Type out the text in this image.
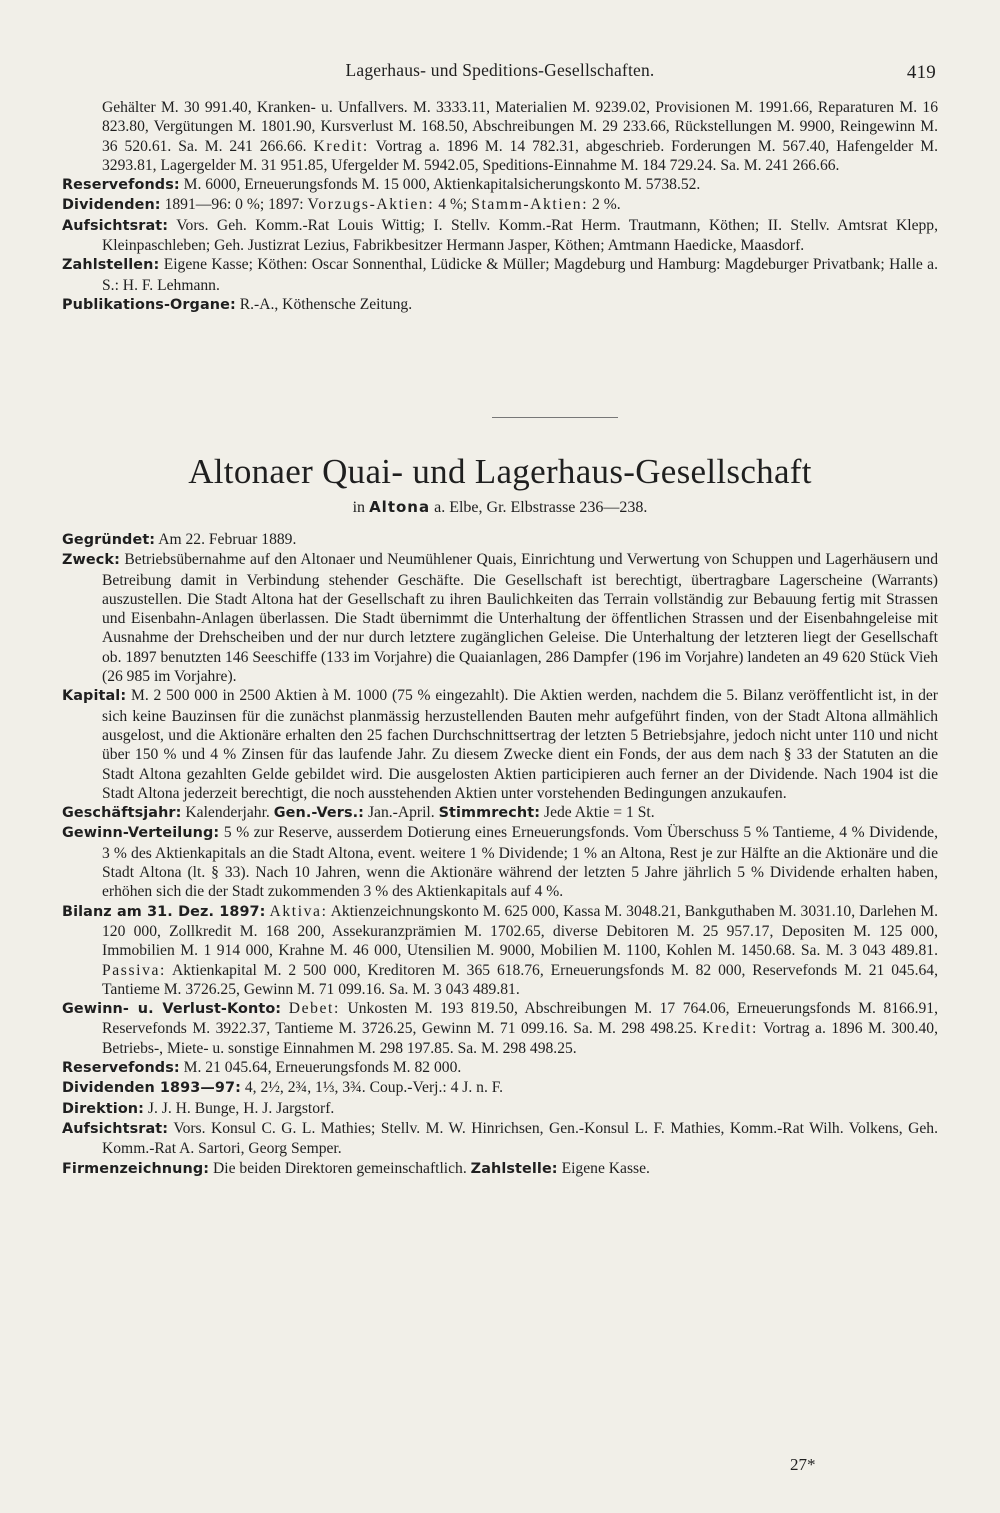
Lagerhaus- und Speditions-Gesellschaften.	419
Gehälter M. 30 991.40, Kranken- u. Unfallvers. M. 3333.11, Materialien M. 9239.02, Provisionen M. 1991.66, Reparaturen M. 16 823.80, Vergütungen M. 1801.90, Kursverlust M. 168.50, Abschreibungen M. 29 233.66, Rückstellungen M. 9900, Reingewinn M. 36 520.61. Sa. M. 241 266.66. Kredit: Vortrag a. 1896 M. 14 782.31, abgeschrieb. Forderungen M. 567.40, Hafengelder M. 3293.81, Lagergelder M. 31 951.85, Ufergelder M. 5942.05, Speditions-Einnahme M. 184 729.24. Sa. M. 241 266.66.
Reservefonds: M. 6000, Erneuerungsfonds M. 15 000, Aktienkapitalsicherungskonto M. 5738.52.
Dividenden: 1891—96: 0 %; 1897: Vorzugs-Aktien: 4 %; Stamm-Aktien: 2 %.
Aufsichtsrat: Vors. Geh. Komm.-Rat Louis Wittig; I. Stellv. Komm.-Rat Herm. Trautmann, Köthen; II. Stellv. Amtsrat Klepp, Kleinpaschleben; Geh. Justizrat Lezius, Fabrikbesitzer Hermann Jasper, Köthen; Amtmann Haedicke, Maasdorf.
Zahlstellen: Eigene Kasse; Köthen: Oscar Sonnenthal, Lüdicke & Müller; Magdeburg und Hamburg: Magdeburger Privatbank; Halle a. S.: H. F. Lehmann.
Publikations-Organe: R.-A., Köthensche Zeitung.
Altonaer Quai- und Lagerhaus-Gesellschaft
in Altona a. Elbe, Gr. Elbstrasse 236—238.
Gegründet: Am 22. Februar 1889.
Zweck: Betriebsübernahme auf den Altonaer und Neumühlener Quais, Einrichtung und Verwertung von Schuppen und Lagerhäusern und Betreibung damit in Verbindung stehender Geschäfte. Die Gesellschaft ist berechtigt, übertragbare Lagerscheine (Warrants) auszustellen. Die Stadt Altona hat der Gesellschaft zu ihren Baulichkeiten das Terrain vollständig zur Bebauung fertig mit Strassen und Eisenbahn-Anlagen überlassen. Die Stadt übernimmt die Unterhaltung der öffentlichen Strassen und der Eisenbahngeleise mit Ausnahme der Drehscheiben und der nur durch letztere zugänglichen Geleise. Die Unterhaltung der letzteren liegt der Gesellschaft ob. 1897 benutzten 146 Seeschiffe (133 im Vorjahre) die Quaianlagen, 286 Dampfer (196 im Vorjahre) landeten an 49 620 Stück Vieh (26 985 im Vorjahre).
Kapital: M. 2 500 000 in 2500 Aktien à M. 1000 (75 % eingezahlt). Die Aktien werden, nachdem die 5. Bilanz veröffentlicht ist, in der sich keine Bauzinsen für die zunächst planmässig herzustellenden Bauten mehr aufgeführt finden, von der Stadt Altona allmählich ausgelost, und die Aktionäre erhalten den 25 fachen Durchschnittsertrag der letzten 5 Betriebsjahre, jedoch nicht unter 110 und nicht über 150 % und 4 % Zinsen für das laufende Jahr. Zu diesem Zwecke dient ein Fonds, der aus dem nach § 33 der Statuten an die Stadt Altona gezahlten Gelde gebildet wird. Die ausgelosten Aktien participieren auch ferner an der Dividende. Nach 1904 ist die Stadt Altona jederzeit berechtigt, die noch ausstehenden Aktien unter vorstehenden Bedingungen anzukaufen.
Geschäftsjahr: Kalenderjahr. Gen.-Vers.: Jan.-April. Stimmrecht: Jede Aktie = 1 St.
Gewinn-Verteilung: 5 % zur Reserve, ausserdem Dotierung eines Erneuerungsfonds. Vom Überschuss 5 % Tantieme, 4 % Dividende, 3 % des Aktienkapitals an die Stadt Altona, event. weitere 1 % Dividende; 1 % an Altona, Rest je zur Hälfte an die Aktionäre und die Stadt Altona (lt. § 33). Nach 10 Jahren, wenn die Aktionäre während der letzten 5 Jahre jährlich 5 % Dividende erhalten haben, erhöhen sich die der Stadt zukommenden 3 % des Aktienkapitals auf 4 %.
Bilanz am 31. Dez. 1897: Aktiva: Aktienzeichnungskonto M. 625 000, Kassa M. 3048.21, Bankguthaben M. 3031.10, Darlehen M. 120 000, Zollkredit M. 168 200, Assekuranzprämien M. 1702.65, diverse Debitoren M. 25 957.17, Depositen M. 125 000, Immobilien M. 1 914 000, Krahne M. 46 000, Utensilien M. 9000, Mobilien M. 1100, Kohlen M. 1450.68. Sa. M. 3 043 489.81. Passiva: Aktienkapital M. 2 500 000, Kreditoren M. 365 618.76, Erneuerungsfonds M. 82 000, Reservefonds M. 21 045.64, Tantieme M. 3726.25, Gewinn M. 71 099.16. Sa. M. 3 043 489.81.
Gewinn- u. Verlust-Konto: Debet: Unkosten M. 193 819.50, Abschreibungen M. 17 764.06, Erneuerungsfonds M. 8166.91, Reservefonds M. 3922.37, Tantieme M. 3726.25, Gewinn M. 71 099.16. Sa. M. 298 498.25. Kredit: Vortrag a. 1896 M. 300.40, Betriebs-, Miete- u. sonstige Einnahmen M. 298 197.85. Sa. M. 298 498.25.
Reservefonds: M. 21 045.64, Erneuerungsfonds M. 82 000.
Dividenden 1893—97: 4, 2½, 2¾, 1⅓, 3¾. Coup.-Verj.: 4 J. n. F.
Direktion: J. J. H. Bunge, H. J. Jargstorf.
Aufsichtsrat: Vors. Konsul C. G. L. Mathies; Stellv. M. W. Hinrichsen, Gen.-Konsul L. F. Mathies, Komm.-Rat Wilh. Volkens, Geh. Komm.-Rat A. Sartori, Georg Semper.
Firmenzeichnung: Die beiden Direktoren gemeinschaftlich. Zahlstelle: Eigene Kasse.
27*
